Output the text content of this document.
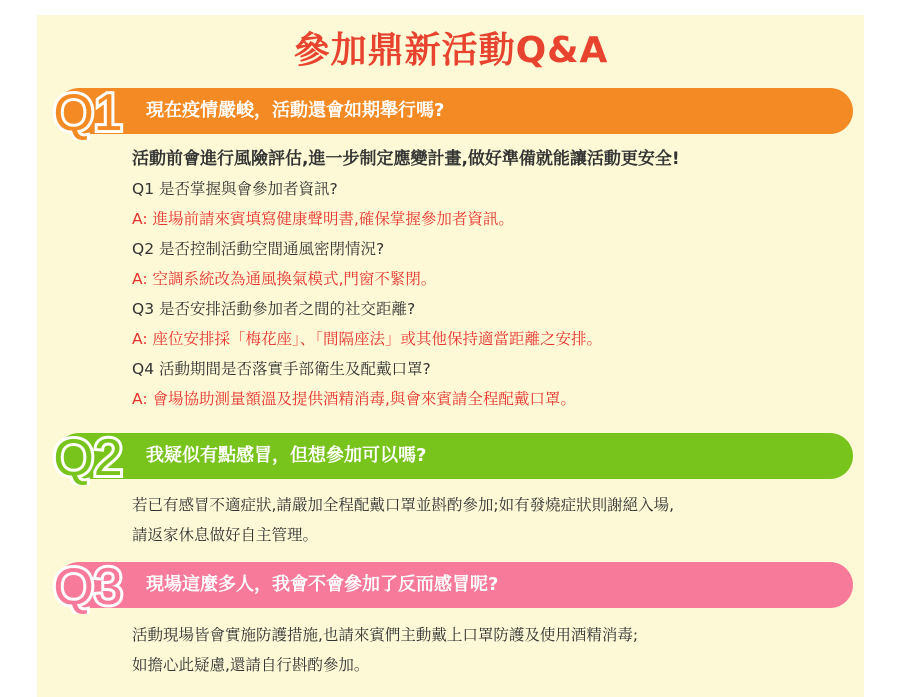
參加鼎新活動Q&A
Q1 現在疫情嚴峻，活動還會如期舉行嗎?
活動前會進行風險評估,進一步制定應變計畫,做好準備就能讓活動更安全!
Q1 是否掌握與會參加者資訊?
A: 進場前請來賓填寫健康聲明書,確保掌握參加者資訊。
Q2 是否控制活動空間通風密閉情況?
A: 空調系統改為通風換氣模式,門窗不緊閉。
Q3 是否安排活動參加者之間的社交距離?
A: 座位安排採「梅花座」、「間隔座法」或其他保持適當距離之安排。
Q4 活動期間是否落實手部衛生及配戴口罩?
A: 會場協助測量額溫及提供酒精消毒,與會來賓請全程配戴口罩。
Q2 我疑似有點感冒，但想參加可以嗎?
若已有感冒不適症狀,請嚴加全程配戴口罩並斟酌參加;如有發燒症狀則謝絕入場,
請返家休息做好自主管理。
Q3 現場這麼多人，我會不會參加了反而感冒呢?
活動現場皆會實施防護措施,也請來賓們主動戴上口罩防護及使用酒精消毒;
如擔心此疑慮,還請自行斟酌參加。
